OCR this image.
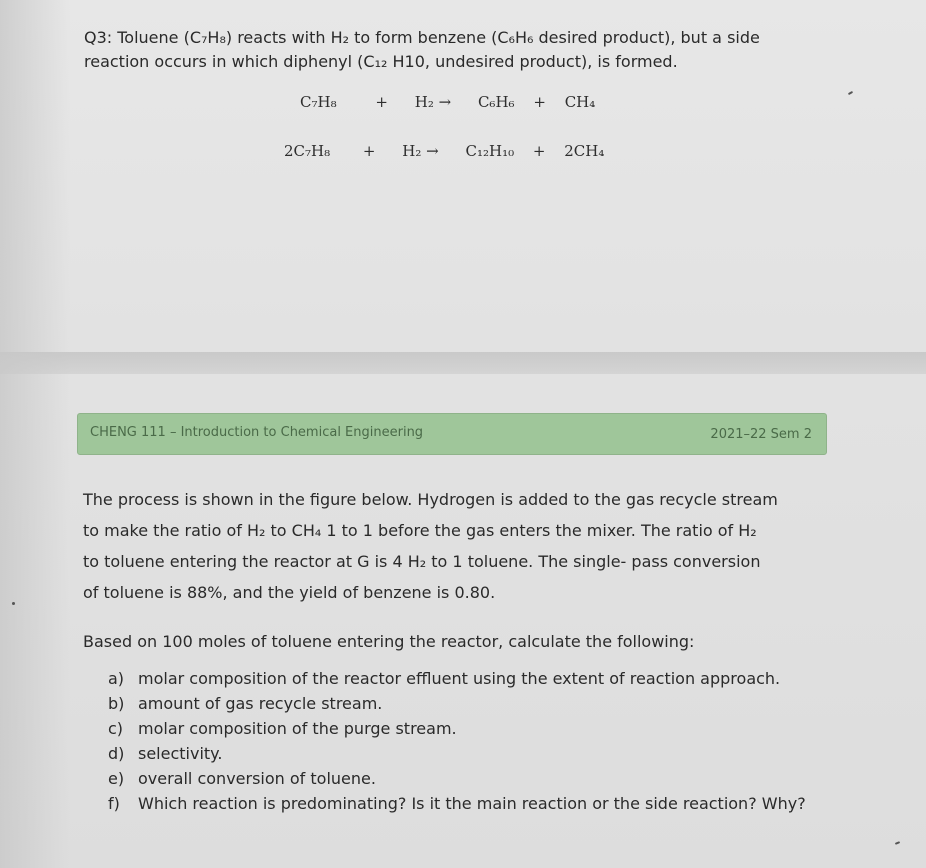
Q3: Toluene (C₇H₈) reacts with H₂ to form benzene (C₆H₆ desired product), but a side
reaction occurs in which diphenyl (C₁₂ H10, undesired product), is formed.
C₇H₈	+ H₂ → C₆H₆ + CH₄
2C₇H₈ + H₂ → C₁₂H₁₀ + 2CH₄
CHENG 111 – Introduction to Chemical Engineering	2021–22 Sem 2
The process is shown in the figure below. Hydrogen is added to the gas recycle stream
to make the ratio of H₂ to CH₄ 1 to 1 before the gas enters the mixer. The ratio of H₂
to toluene entering the reactor at G is 4 H₂ to 1 toluene. The single- pass conversion
of toluene is 88%, and the yield of benzene is 0.80.
Based on 100 moles of toluene entering the reactor, calculate the following:
a) molar composition of the reactor effluent using the extent of reaction approach.
b) amount of gas recycle stream.
c) molar composition of the purge stream.
d) selectivity.
e) overall conversion of toluene.
f)	Which reaction is predominating? Is it the main reaction or the side reaction? Why?
